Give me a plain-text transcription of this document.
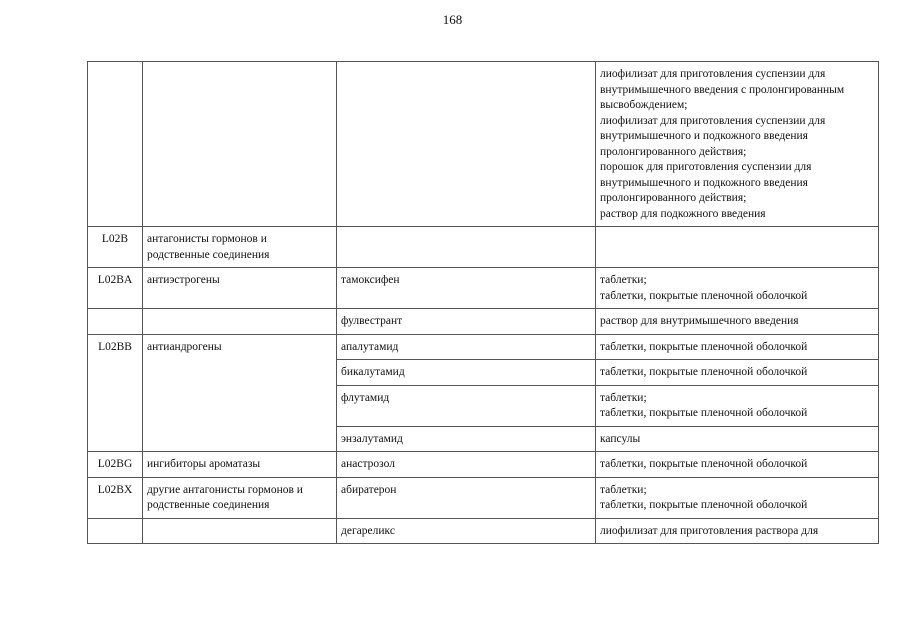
168

			лиофилизат для приготовления суспензии для внутримышечного введения с пролонгированным высвобождением;
лиофилизат для приготовления суспензии для внутримышечного и подкожного введения пролонгированного действия;
порошок для приготовления суспензии для внутримышечного и подкожного введения пролонгированного действия;
раствор для подкожного введения

L02B	антагонисты гормонов и родственные соединения		
L02BA	антиэстрогены	тамоксифен	таблетки;
таблетки, покрытые пленочной оболочкой

		фулвестрант	раствор для внутримышечного введения

L02BB	антиандрогены	апалутамид	таблетки, покрытые пленочной оболочкой

		бикалутамид	таблетки, покрытые пленочной оболочкой

		флутамид	таблетки;
таблетки, покрытые пленочной оболочкой

		энзалутамид	капсулы

L02BG	ингибиторы ароматазы	анастрозол	таблетки, покрытые пленочной оболочкой

L02BX	другие антагонисты гормонов и родственные соединения	абиратерон	таблетки;
таблетки, покрытые пленочной оболочкой

		дегареликс	лиофилизат для приготовления раствора для
